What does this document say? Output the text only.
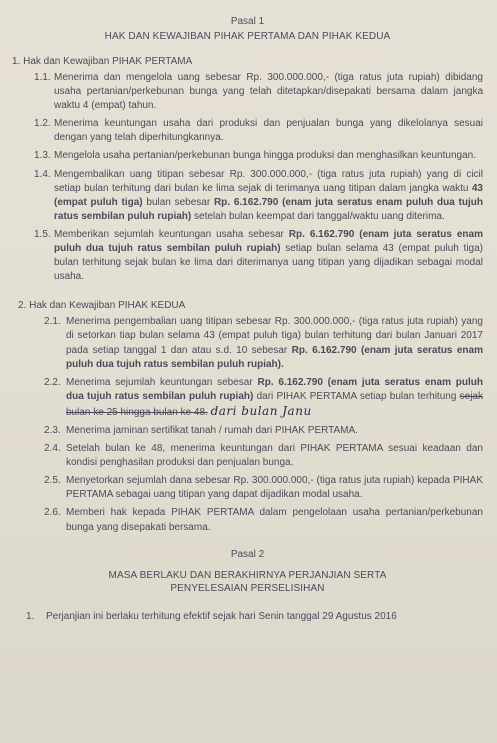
Pasal 1
HAK DAN KEWAJIBAN PIHAK PERTAMA DAN PIHAK KEDUA
1. Hak dan Kewajiban PIHAK PERTAMA
1.1. Menerima dan mengelola uang sebesar Rp. 300.000.000,- (tiga ratus juta rupiah) dibidang usaha pertanian/perkebunan bunga yang telah ditetapkan/disepakati bersama dalam jangka waktu 4 (empat) tahun.
1.2. Menerima keuntungan usaha dari produksi dan penjualan bunga yang dikelolanya sesuai dengan yang telah diperhitungkannya.
1.3. Mengelola usaha pertanian/perkebunan bunga hingga produksi dan menghasilkan keuntungan.
1.4. Mengembalikan uang titipan sebesar Rp. 300.000.000,- (tiga ratus juta rupiah) yang di cicil setiap bulan terhitung dari bulan ke lima sejak di terimanya uang titipan dalam jangka waktu 43 (empat puluh tiga) bulan sebesar Rp. 6.162.790 (enam juta seratus enam puluh dua tujuh ratus sembilan puluh rupiah) setelah bulan keempat dari tanggal/waktu uang diterima.
1.5. Memberikan sejumlah keuntungan usaha sebesar Rp. 6.162.790 (enam juta seratus enam puluh dua tujuh ratus sembilan puluh rupiah) setiap bulan selama 43 (empat puluh tiga) bulan terhitung sejak bulan ke lima dari diterimanya uang titipan yang dijadikan sebagai modal usaha.
2. Hak dan Kewajiban PIHAK KEDUA
2.1. Menerima pengembalian uang titipan sebesar Rp. 300.000.000,- (tiga ratus juta rupiah) yang di setorkan tiap bulan selama 43 (empat puluh tiga) bulan terhitung dari bulan Januari 2017 pada setiap tanggal 1 dan atau s.d. 10 sebesar Rp. 6.162.790 (enam juta seratus enam puluh dua tujuh ratus sembilan puluh rupiah).
2.2. Menerima sejumlah keuntungan sebesar Rp. 6.162.790 (enam juta seratus enam puluh dua tujuh ratus sembilan puluh rupiah) dari PIHAK PERTAMA setiap bulan terhitung sejak bulan ke 25 hingga bulan ke 48. dari bulan Janu
2.3. Menerima jaminan sertifikat tanah / rumah dari PIHAK PERTAMA.
2.4. Setelah bulan ke 48, menerima keuntungan dari PIHAK PERTAMA sesuai keadaan dan kondisi penghasilan produksi dan penjualan bunga.
2.5. Menyetorkan sejumlah dana sebesar Rp. 300.000.000,- (tiga ratus juta rupiah) kepada PIHAK PERTAMA sebagai uang titipan yang dapat dijadikan modal usaha.
2.6. Memberi hak kepada PIHAK PERTAMA dalam pengelolaan usaha pertanian/perkebunan bunga yang disepakati bersama.
Pasal 2
MASA BERLAKU DAN BERAKHIRNYA PERJANJIAN SERTA
PENYELESAIAN PERSELISIHAN
1.	Perjanjian ini berlaku terhitung efektif sejak hari Senin tanggal 29 Agustus 2016
